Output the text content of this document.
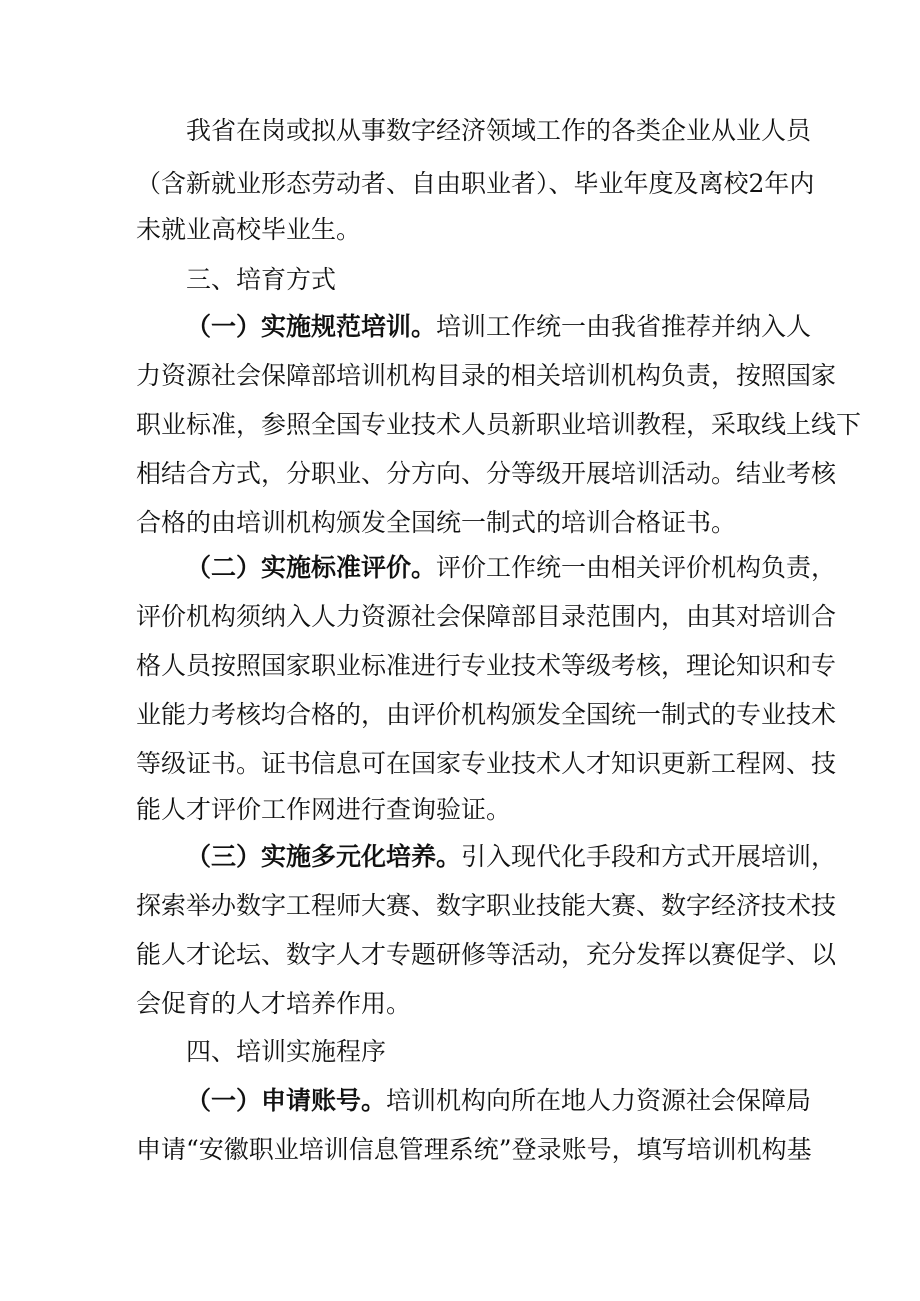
我省在岗或拟从事数字经济领域工作的各类企业从业人员
（含新就业形态劳动者、自由职业者）、毕业年度及离校2年内
未就业高校毕业生。
三、培育方式
（一）实施规范培训。培训工作统一由我省推荐并纳入人
力资源社会保障部培训机构目录的相关培训机构负责，按照国家
职业标准，参照全国专业技术人员新职业培训教程，采取线上线下
相结合方式，分职业、分方向、分等级开展培训活动。结业考核
合格的由培训机构颁发全国统一制式的培训合格证书。
（二）实施标准评价。评价工作统一由相关评价机构负责，
评价机构须纳入人力资源社会保障部目录范围内，由其对培训合
格人员按照国家职业标准进行专业技术等级考核，理论知识和专
业能力考核均合格的，由评价机构颁发全国统一制式的专业技术
等级证书。证书信息可在国家专业技术人才知识更新工程网、技
能人才评价工作网进行查询验证。
（三）实施多元化培养。引入现代化手段和方式开展培训，
探索举办数字工程师大赛、数字职业技能大赛、数字经济技术技
能人才论坛、数字人才专题研修等活动，充分发挥以赛促学、以
会促育的人才培养作用。
四、培训实施程序
（一）申请账号。培训机构向所在地人力资源社会保障局
申请“安徽职业培训信息管理系统”登录账号，填写培训机构基
